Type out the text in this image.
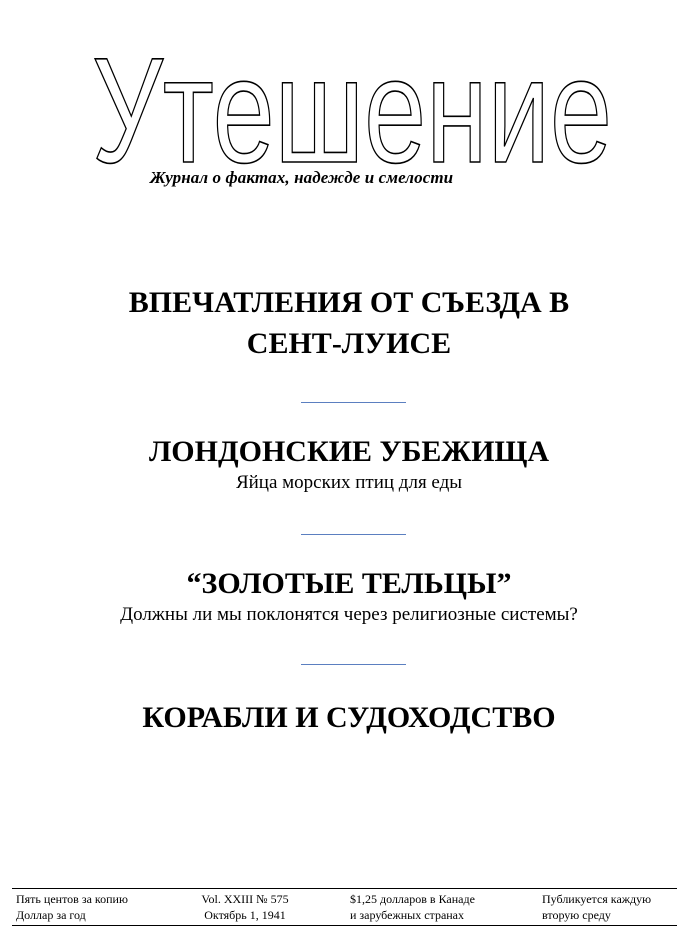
Утешение
Журнал о фактах, надежде и смелости

ВПЕЧАТЛЕНИЯ ОТ СЪЕЗДА В

СЕНТ-ЛУИСЕ

ЛОНДОНСКИЕ УБЕЖИЩА

Яйца морских птиц для еды

“ЗОЛОТЫЕ ТЕЛЬЦЫ”

Должны ли мы поклонятся через религиозные системы?

КОРАБЛИ И СУДОХОДСТВО

Пять центов за копию
Доллар за год
Vol. XXIII № 575
Октябрь 1, 1941
$1,25 долларов в Канаде
и зарубежных странах
Публикуется каждую
вторую среду
